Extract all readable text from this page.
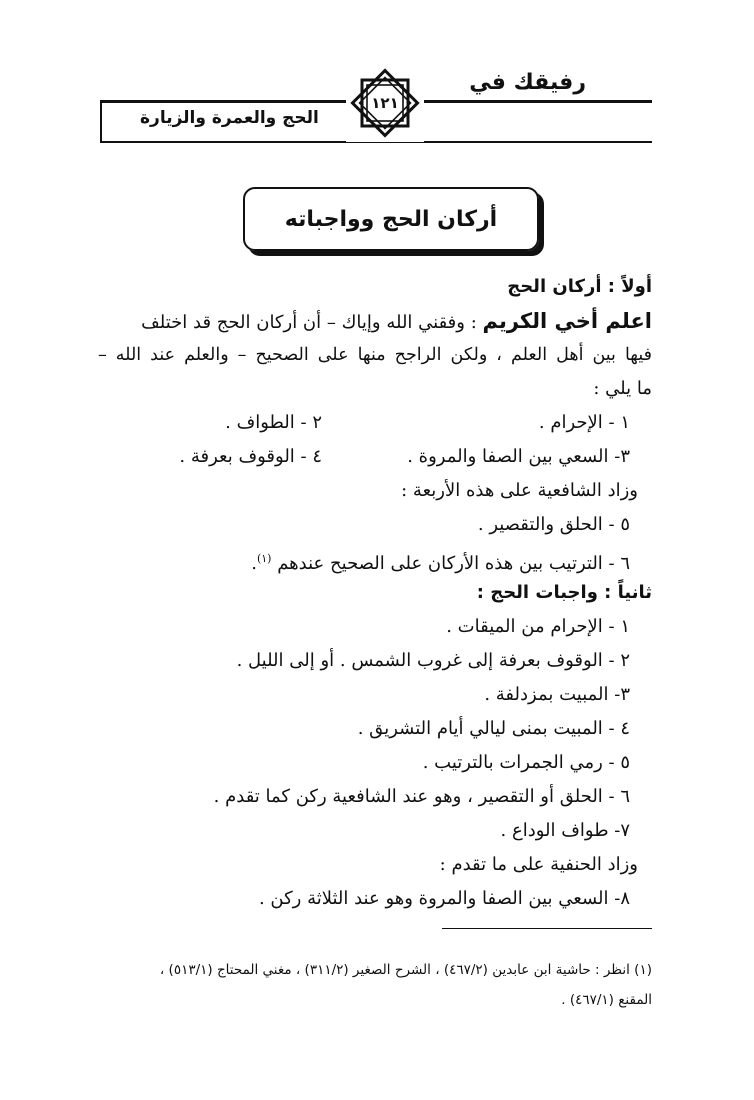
رفيقك في
الحج والعمرة والزيارة
١٢١
أركان الحج وواجباته
أولاً : أركان الحج
اعلم أخي الكريم : وفقني الله وإياك – أن أركان الحج قد اختلف
فيها بين أهل العلم ، ولكن الراجح منها على الصحيح – والعلم عند الله –
ما يلي :
١ - الإحرام .
٢ - الطواف .
٣- السعي بين الصفا والمروة .
٤ - الوقوف بعرفة .
وزاد الشافعية على هذه الأربعة :
٥ - الحلق والتقصير .
٦ - الترتيب بين هذه الأركان على الصحيح عندهم $^{(١)}$.
ثانياً : واجبات الحج :
١ - الإحرام من الميقات .
٢ - الوقوف بعرفة إلى غروب الشمس . أو إلى الليل .
٣- المبيت بمزدلفة .
٤ - المبيت بمنى ليالي أيام التشريق .
٥ - رمي الجمرات بالترتيب .
٦ - الحلق أو التقصير ، وهو عند الشافعية ركن كما تقدم .
٧- طواف الوداع .
وزاد الحنفية على ما تقدم :
٨- السعي بين الصفا والمروة وهو عند الثلاثة ركن .
(١) انظر : حاشية ابن عابدين (٤٦٧/٢) ، الشرح الصغير (٣١١/٢) ، مغني المحتاج (٥١٣/١) ،
المقنع (٤٦٧/١) .
